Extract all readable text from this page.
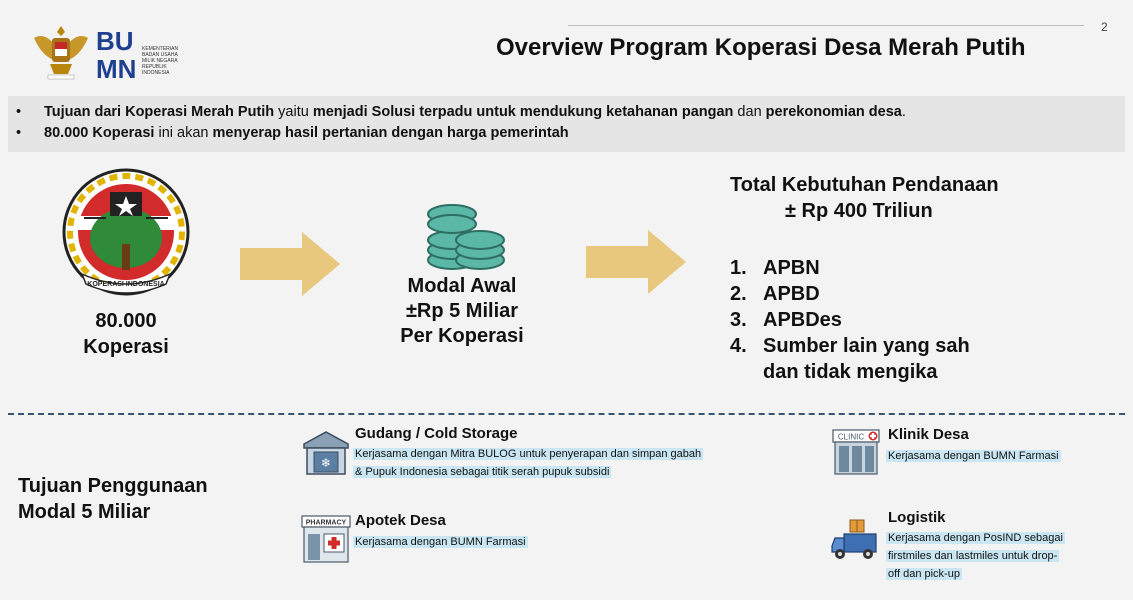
BU
MN
KEMENTERIAN
BADAN USAHA
MILIK NEGARA
REPUBLIK
INDONESIA
2
Overview Program Koperasi Desa Merah Putih
• Tujuan dari Koperasi Merah Putih yaitu menjadi Solusi terpadu untuk mendukung ketahanan pangan dan perekonomian desa.
• 80.000 Koperasi ini akan menyerap hasil pertanian dengan harga pemerintah
KOPERASI INDONESIA
80.000
Koperasi
Modal Awal
±Rp 5 Miliar
Per Koperasi
Total Kebutuhan Pendanaan
± Rp 400 Triliun
1. APBN
2. APBD
3. APBDes
4. Sumber lain yang sah
dan tidak mengika
Tujuan Penggunaan
Modal 5 Miliar
❄
Gudang / Cold Storage
Kerjasama dengan Mitra BULOG untuk penyerapan dan simpan gabah
& Pupuk Indonesia sebagai titik serah pupuk subsidi
CLINIC Klinik Desa
Kerjasama dengan BUMN Farmasi
PHARMACY Apotek Desa
Kerjasama dengan BUMN Farmasi
Logistik
Kerjasama dengan PosIND sebagai
firstmiles dan lastmiles untuk drop-
off dan pick-up
